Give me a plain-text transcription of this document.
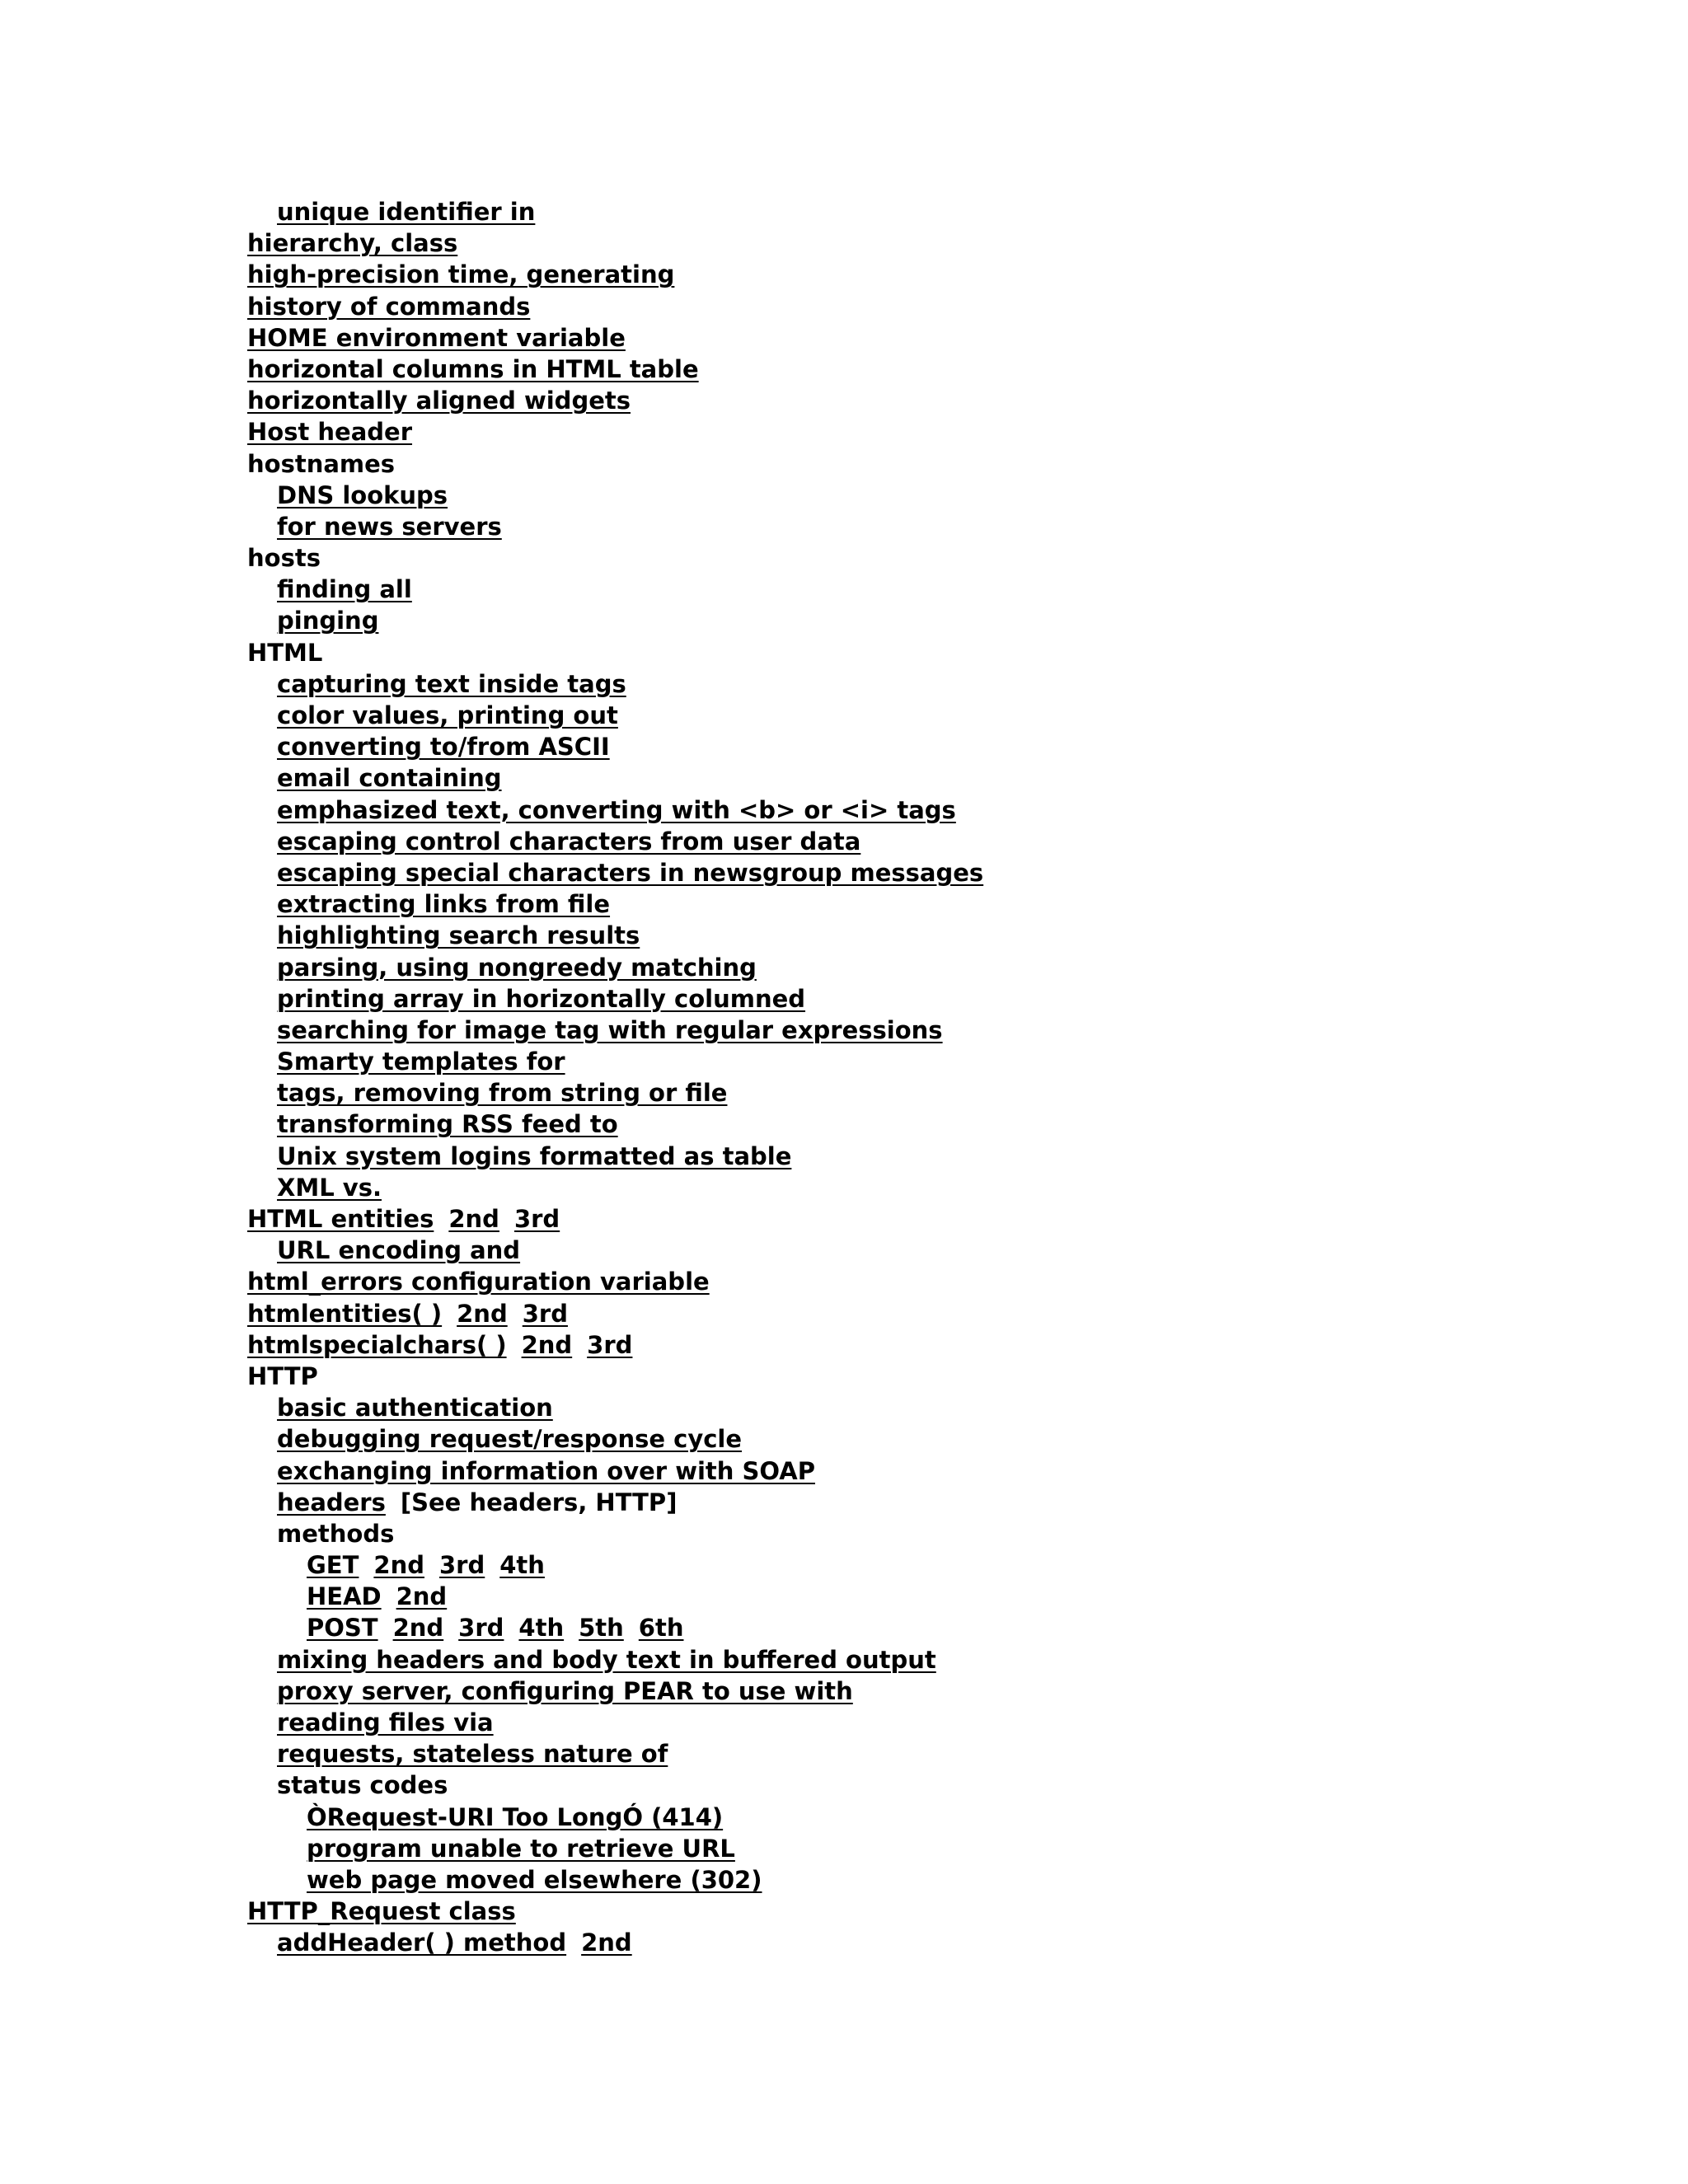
unique identifier in
hierarchy, class
high-precision time, generating
history of commands
HOME environment variable
horizontal columns in HTML table
horizontally aligned widgets
Host header
hostnames
DNS lookups
for news servers
hosts
finding all
pinging
HTML
capturing text inside tags
color values, printing out
converting to/from ASCII
email containing
emphasized text, converting with <b> or <i> tags
escaping control characters from user data
escaping special characters in newsgroup messages
extracting links from file
highlighting search results
parsing, using nongreedy matching
printing array in horizontally columned
searching for image tag with regular expressions
Smarty templates for
tags, removing from string or file
transforming RSS feed to
Unix system logins formatted as table
XML vs.
HTML entities 2nd 3rd
URL encoding and
html_errors configuration variable
htmlentities( ) 2nd 3rd
htmlspecialchars( ) 2nd 3rd
HTTP
basic authentication
debugging request/response cycle
exchanging information over with SOAP
headers [See headers, HTTP]
methods
GET 2nd 3rd 4th
HEAD 2nd
POST 2nd 3rd 4th 5th 6th
mixing headers and body text in buffered output
proxy server, configuring PEAR to use with
reading files via
requests, stateless nature of
status codes
ÒRequest-URI Too LongÓ (414)
program unable to retrieve URL
web page moved elsewhere (302)
HTTP_Request class
addHeader( ) method 2nd
